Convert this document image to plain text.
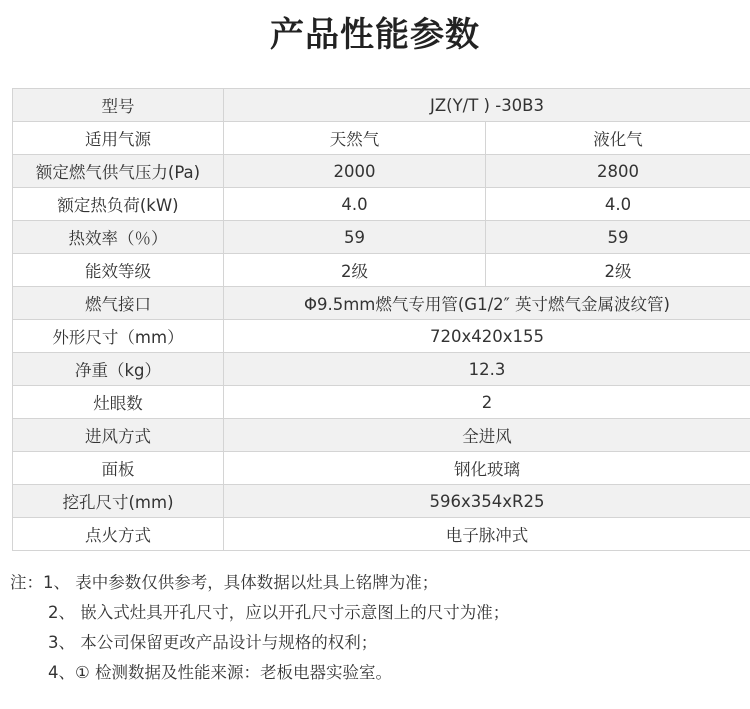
产品性能参数
型号	JZ(Y/T ) -30B3	
适用气源	天然气	液化气
额定燃气供气压力(Pa)	2000	2800
额定热负荷(kW)	4.0	4.0
热效率（％）	59	59
能效等级	2级	2级
燃气接口	Φ9.5mm燃气专用管(G1/2″ 英寸燃气金属波纹管)	
外形尺寸（mm）	720x420x155	
净重（kg）	12.3	
灶眼数	2	
进风方式	全进风	
面板	钢化玻璃	
挖孔尺寸(mm)	596x354xR25	
点火方式	电子脉冲式	
注：1、 表中参数仅供参考，具体数据以灶具上铭牌为准；
2、 嵌入式灶具开孔尺寸，应以开孔尺寸示意图上的尺寸为准；
3、 本公司保留更改产品设计与规格的权利；
4、① 检测数据及性能来源：老板电器实验室。
